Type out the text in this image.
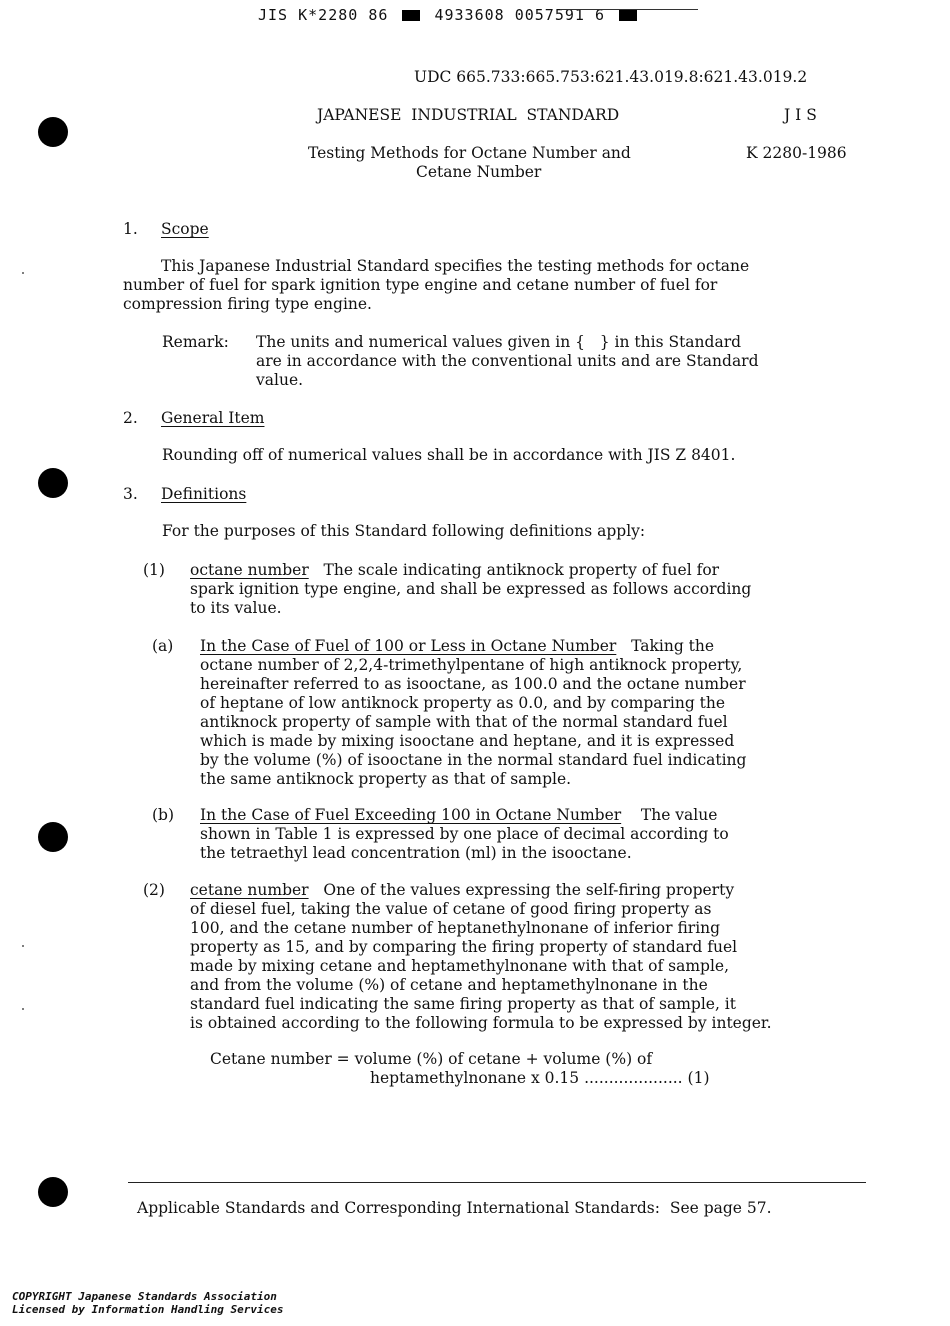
JIS K*2280 86	4933608 0057591 6
UDC 665.733:665.753:621.43.019.8:621.43.019.2
JAPANESE  INDUSTRIAL  STANDARD	J I S
Testing Methods for Octane Number and
Cetane Number
K 2280-1986
1. Scope
This Japanese Industrial Standard specifies the testing methods for octane
number of fuel for spark ignition type engine and cetane number of fuel for
compression firing type engine.
Remark: The units and numerical values given in {   } in this Standard
are in accordance with the conventional units and are Standard
value.
2. General Item
Rounding off of numerical values shall be in accordance with JIS Z 8401.
3. Definitions
For the purposes of this Standard following definitions apply:
(1) octane number The scale indicating antiknock property of fuel for
spark ignition type engine, and shall be expressed as follows according
to its value.
(a) In the Case of Fuel of 100 or Less in Octane Number Taking the
octane number of 2,2,4-trimethylpentane of high antiknock property,
hereinafter referred to as isooctane, as 100.0 and the octane number
of heptane of low antiknock property as 0.0, and by comparing the
antiknock property of sample with that of the normal standard fuel
which is made by mixing isooctane and heptane, and it is expressed
by the volume (%) of isooctane in the normal standard fuel indicating
the same antiknock property as that of sample.
(b) In the Case of Fuel Exceeding 100 in Octane Number The value
shown in Table 1 is expressed by one place of decimal according to
the tetraethyl lead concentration (ml) in the isooctane.
(2) cetane number One of the values expressing the self-firing property
of diesel fuel, taking the value of cetane of good firing property as
100, and the cetane number of heptanethylnonane of inferior firing
property as 15, and by comparing the firing property of standard fuel
made by mixing cetane and heptamethylnonane with that of sample,
and from the volume (%) of cetane and heptamethylnonane in the
standard fuel indicating the same firing property as that of sample, it
is obtained according to the following formula to be expressed by integer.
Cetane number = volume (%) of cetane + volume (%) of
heptamethylnonane x 0.15 .................... (1)
Applicable Standards and Corresponding International Standards:  See page 57.
COPYRIGHT Japanese Standards Association
Licensed by Information Handling Services
